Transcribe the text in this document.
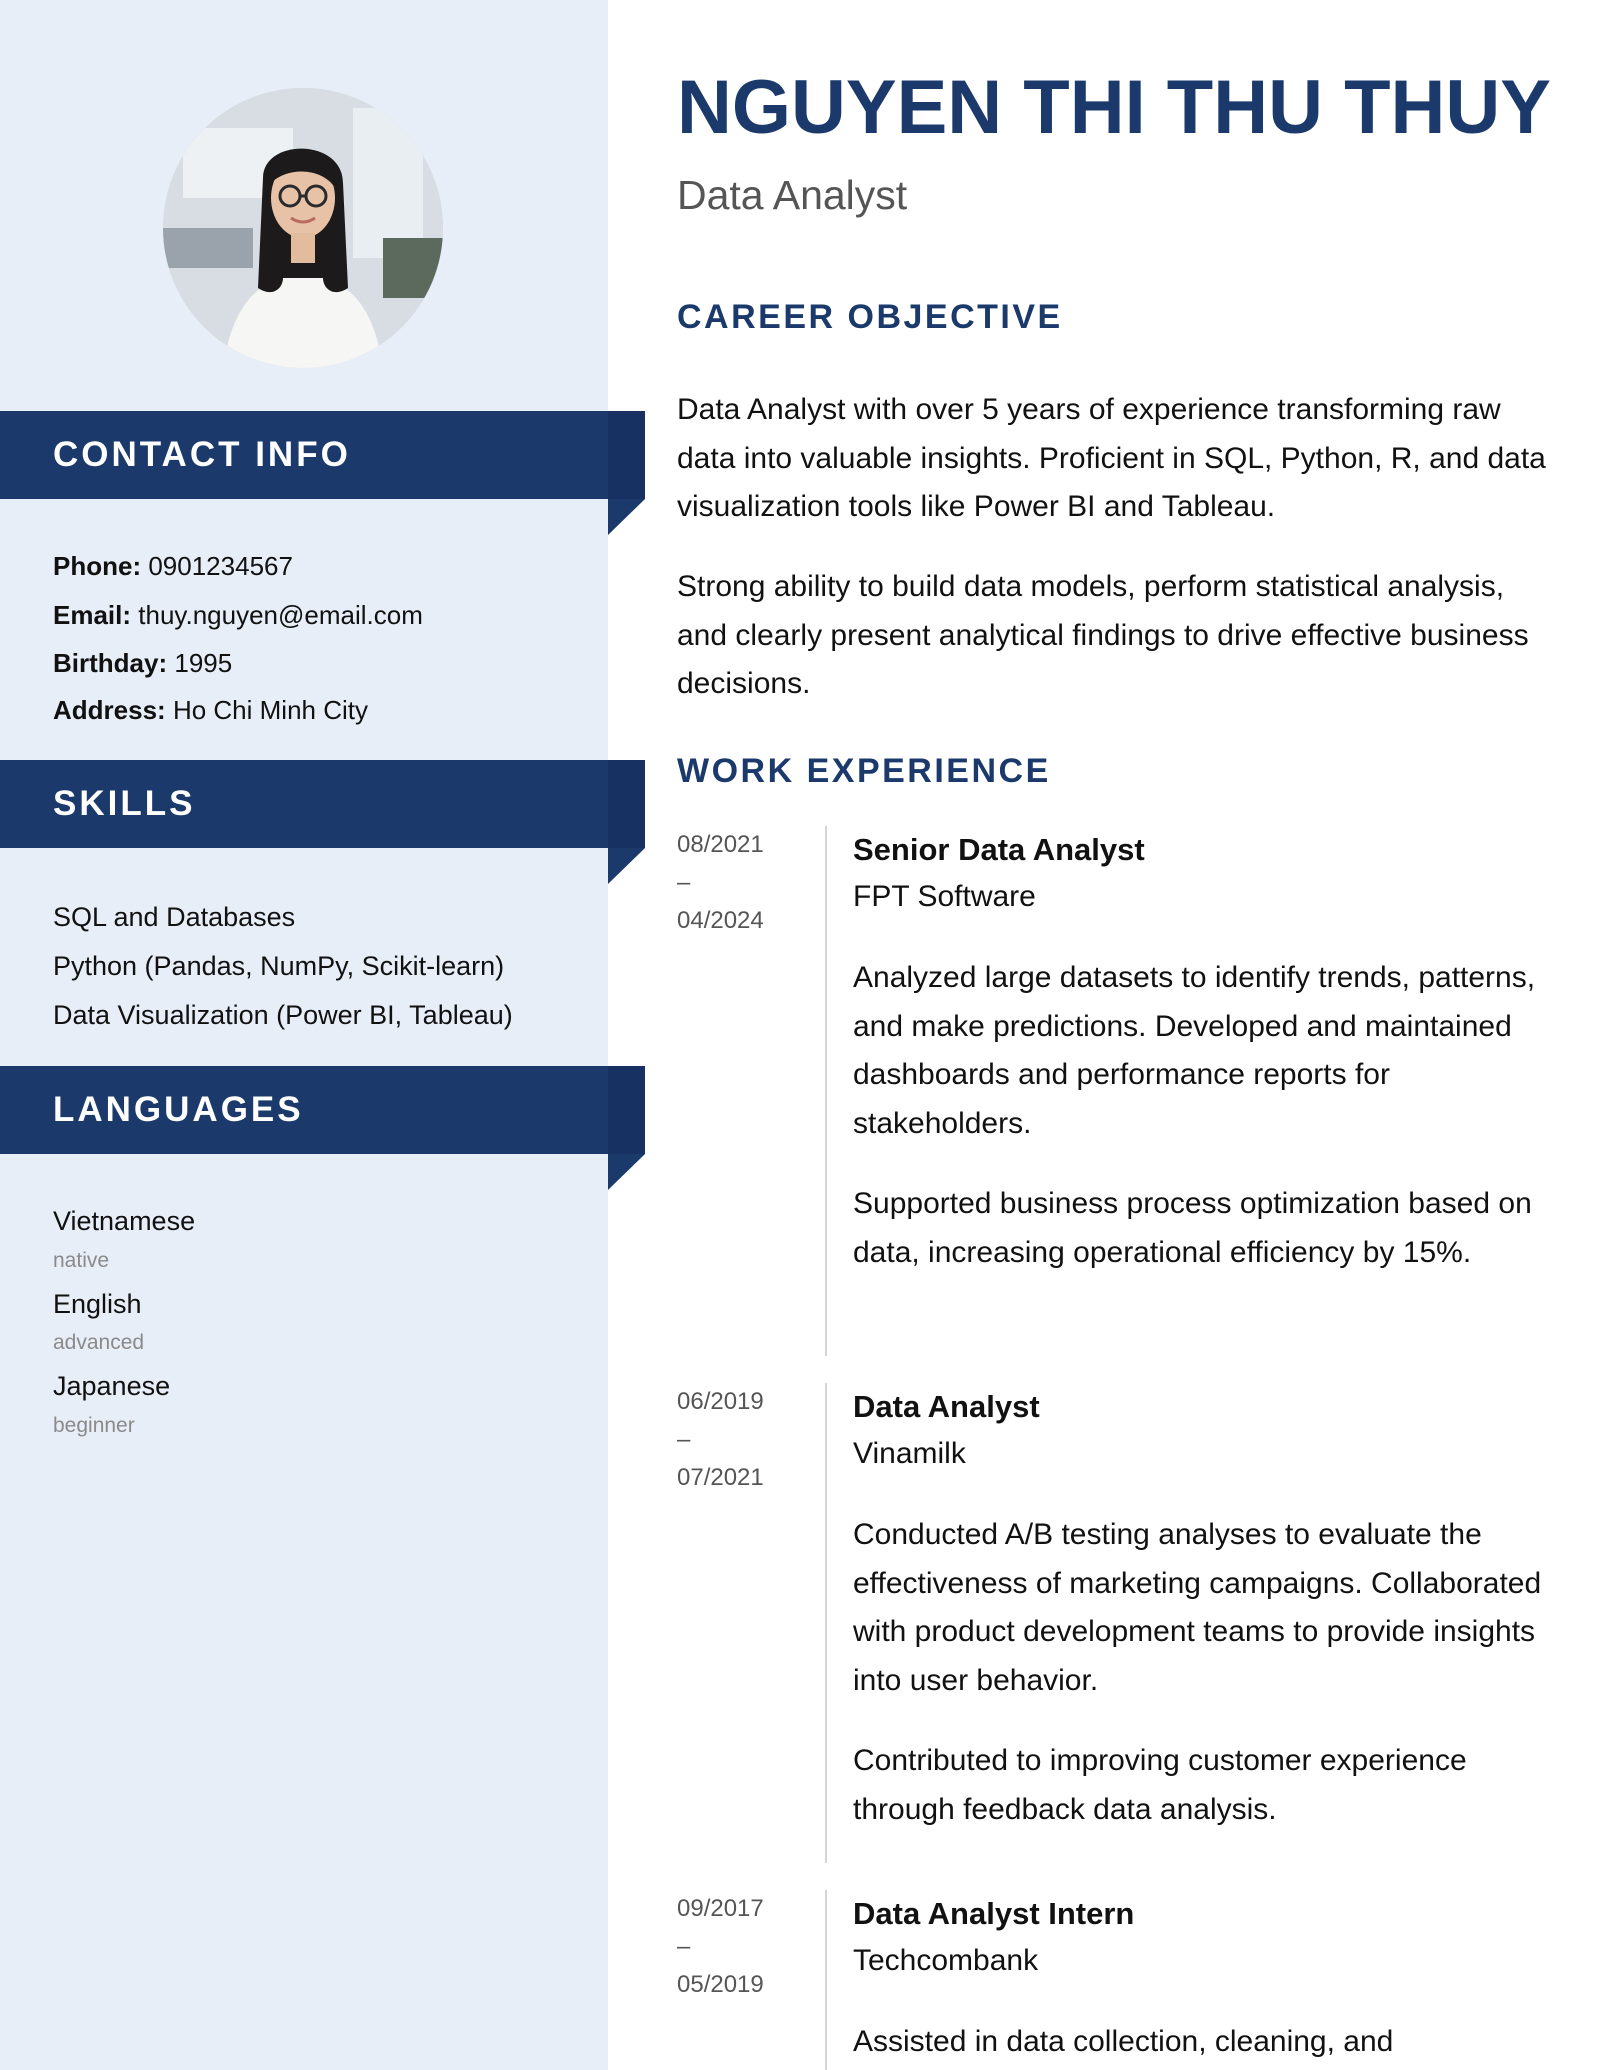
CONTACT INFO
Phone: 0901234567
Email: thuy.nguyen@email.com
Birthday: 1995
Address: Ho Chi Minh City
SKILLS
SQL and Databases
Python (Pandas, NumPy, Scikit-learn)
Data Visualization (Power BI, Tableau)
LANGUAGES
Vietnamese
native
English
advanced
Japanese
beginner
NGUYEN THI THU THUY
Data Analyst
CAREER OBJECTIVE

Data Analyst with over 5 years of experience transforming raw data into valuable insights. Proficient in SQL, Python, R, and data visualization tools like Power BI and Tableau.

Strong ability to build data models, perform statistical analysis, and clearly present analytical findings to drive effective business decisions.

WORK EXPERIENCE
08/2021
–
04/2024
Senior Data Analyst
FPT Software

Analyzed large datasets to identify trends, patterns, and make predictions. Developed and maintained dashboards and performance reports for stakeholders.

Supported business process optimization based on data, increasing operational efficiency by 15%.

06/2019
–
07/2021
Data Analyst
Vinamilk

Conducted A/B testing analyses to evaluate the effectiveness of marketing campaigns. Collaborated with product development teams to provide insights into user behavior.

Contributed to improving customer experience through feedback data analysis.

09/2017
–
05/2019
Data Analyst Intern
Techcombank

Assisted in data collection, cleaning, and
